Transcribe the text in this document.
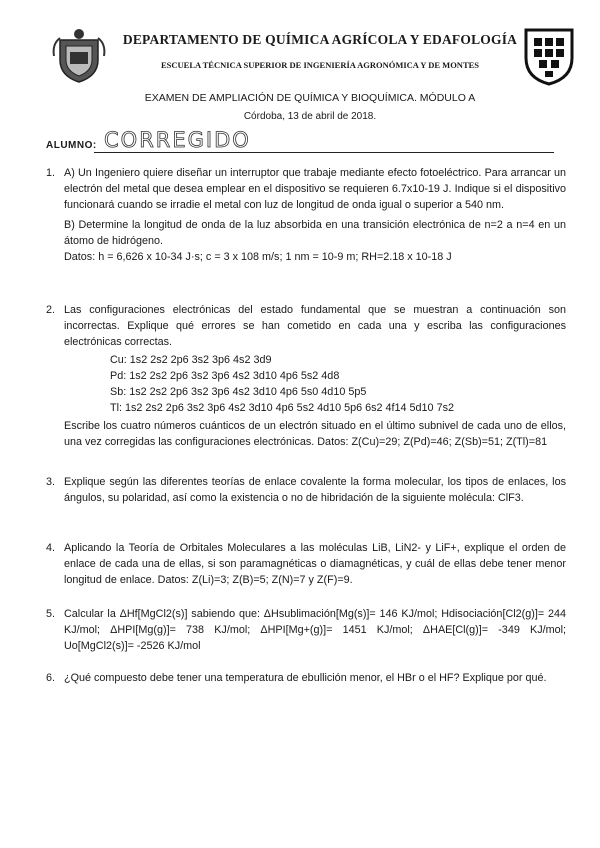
DEPARTAMENTO DE QUÍMICA AGRÍCOLA Y EDAFOLOGÍA
ESCUELA TÉCNICA SUPERIOR DE INGENIERÍA AGRONÓMICA Y DE MONTES
EXAMEN DE AMPLIACIÓN DE QUÍMICA Y BIOQUÍMICA. MÓDULO A
Córdoba, 13 de abril de 2018.
ALUMNO: CORREGIDO
1. A) Un Ingeniero quiere diseñar un interruptor que trabaje mediante efecto fotoeléctrico. Para arrancar un electrón del metal que desea emplear en el dispositivo se requieren 6.7x10-19 J. Indique si el dispositivo funcionará cuando se irradie el metal con luz de longitud de onda igual o superior a 540 nm.

B) Determine la longitud de onda de la luz absorbida en una transición electrónica de n=2 a n=4 en un átomo de hidrógeno.

Datos: h = 6,626 x 10-34 J·s; c = 3 x 108 m/s; 1 nm = 10-9 m; RH=2.18 x 10-18 J

2. Las configuraciones electrónicas del estado fundamental que se muestran a continuación son incorrectas. Explique qué errores se han cometido en cada una y escriba las configuraciones electrónicas correctas.

Cu: 1s2 2s2 2p6 3s2 3p6 4s2 3d9
Pd: 1s2 2s2 2p6 3s2 3p6 4s2 3d10 4p6 5s2 4d8
Sb: 1s2 2s2 2p6 3s2 3p6 4s2 3d10 4p6 5s0 4d10 5p5
Tl: 1s2 2s2 2p6 3s2 3p6 4s2 3d10 4p6 5s2 4d10 5p6 6s2 4f14 5d10 7s2

Escribe los cuatro números cuánticos de un electrón situado en el último subnivel de cada uno de ellos, una vez corregidas las configuraciones electrónicas. Datos: Z(Cu)=29; Z(Pd)=46; Z(Sb)=51; Z(Tl)=81

3. Explique según las diferentes teorías de enlace covalente la forma molecular, los tipos de enlaces, los ángulos, su polaridad, así como la existencia o no de hibridación de la siguiente molécula: ClF3.

4. Aplicando la Teoría de Orbitales Moleculares a las moléculas LiB, LiN2- y LiF+, explique el orden de enlace de cada una de ellas, si son paramagnéticas o diamagnéticas, y cuál de ellas debe tener menor longitud de enlace. Datos: Z(Li)=3; Z(B)=5; Z(N)=7 y Z(F)=9.

5. Calcular la ΔHf[MgCl2(s)] sabiendo que: ΔHsublimación[Mg(s)]= 146 KJ/mol; Hdisociación[Cl2(g)]= 244 KJ/mol; ΔHPI[Mg(g)]= 738 KJ/mol; ΔHPI[Mg+(g)]= 1451 KJ/mol; ΔHAE[Cl(g)]= -349 KJ/mol; Uo[MgCl2(s)]= -2526 KJ/mol

6. ¿Qué compuesto debe tener una temperatura de ebullición menor, el HBr o el HF? Explique por qué.
